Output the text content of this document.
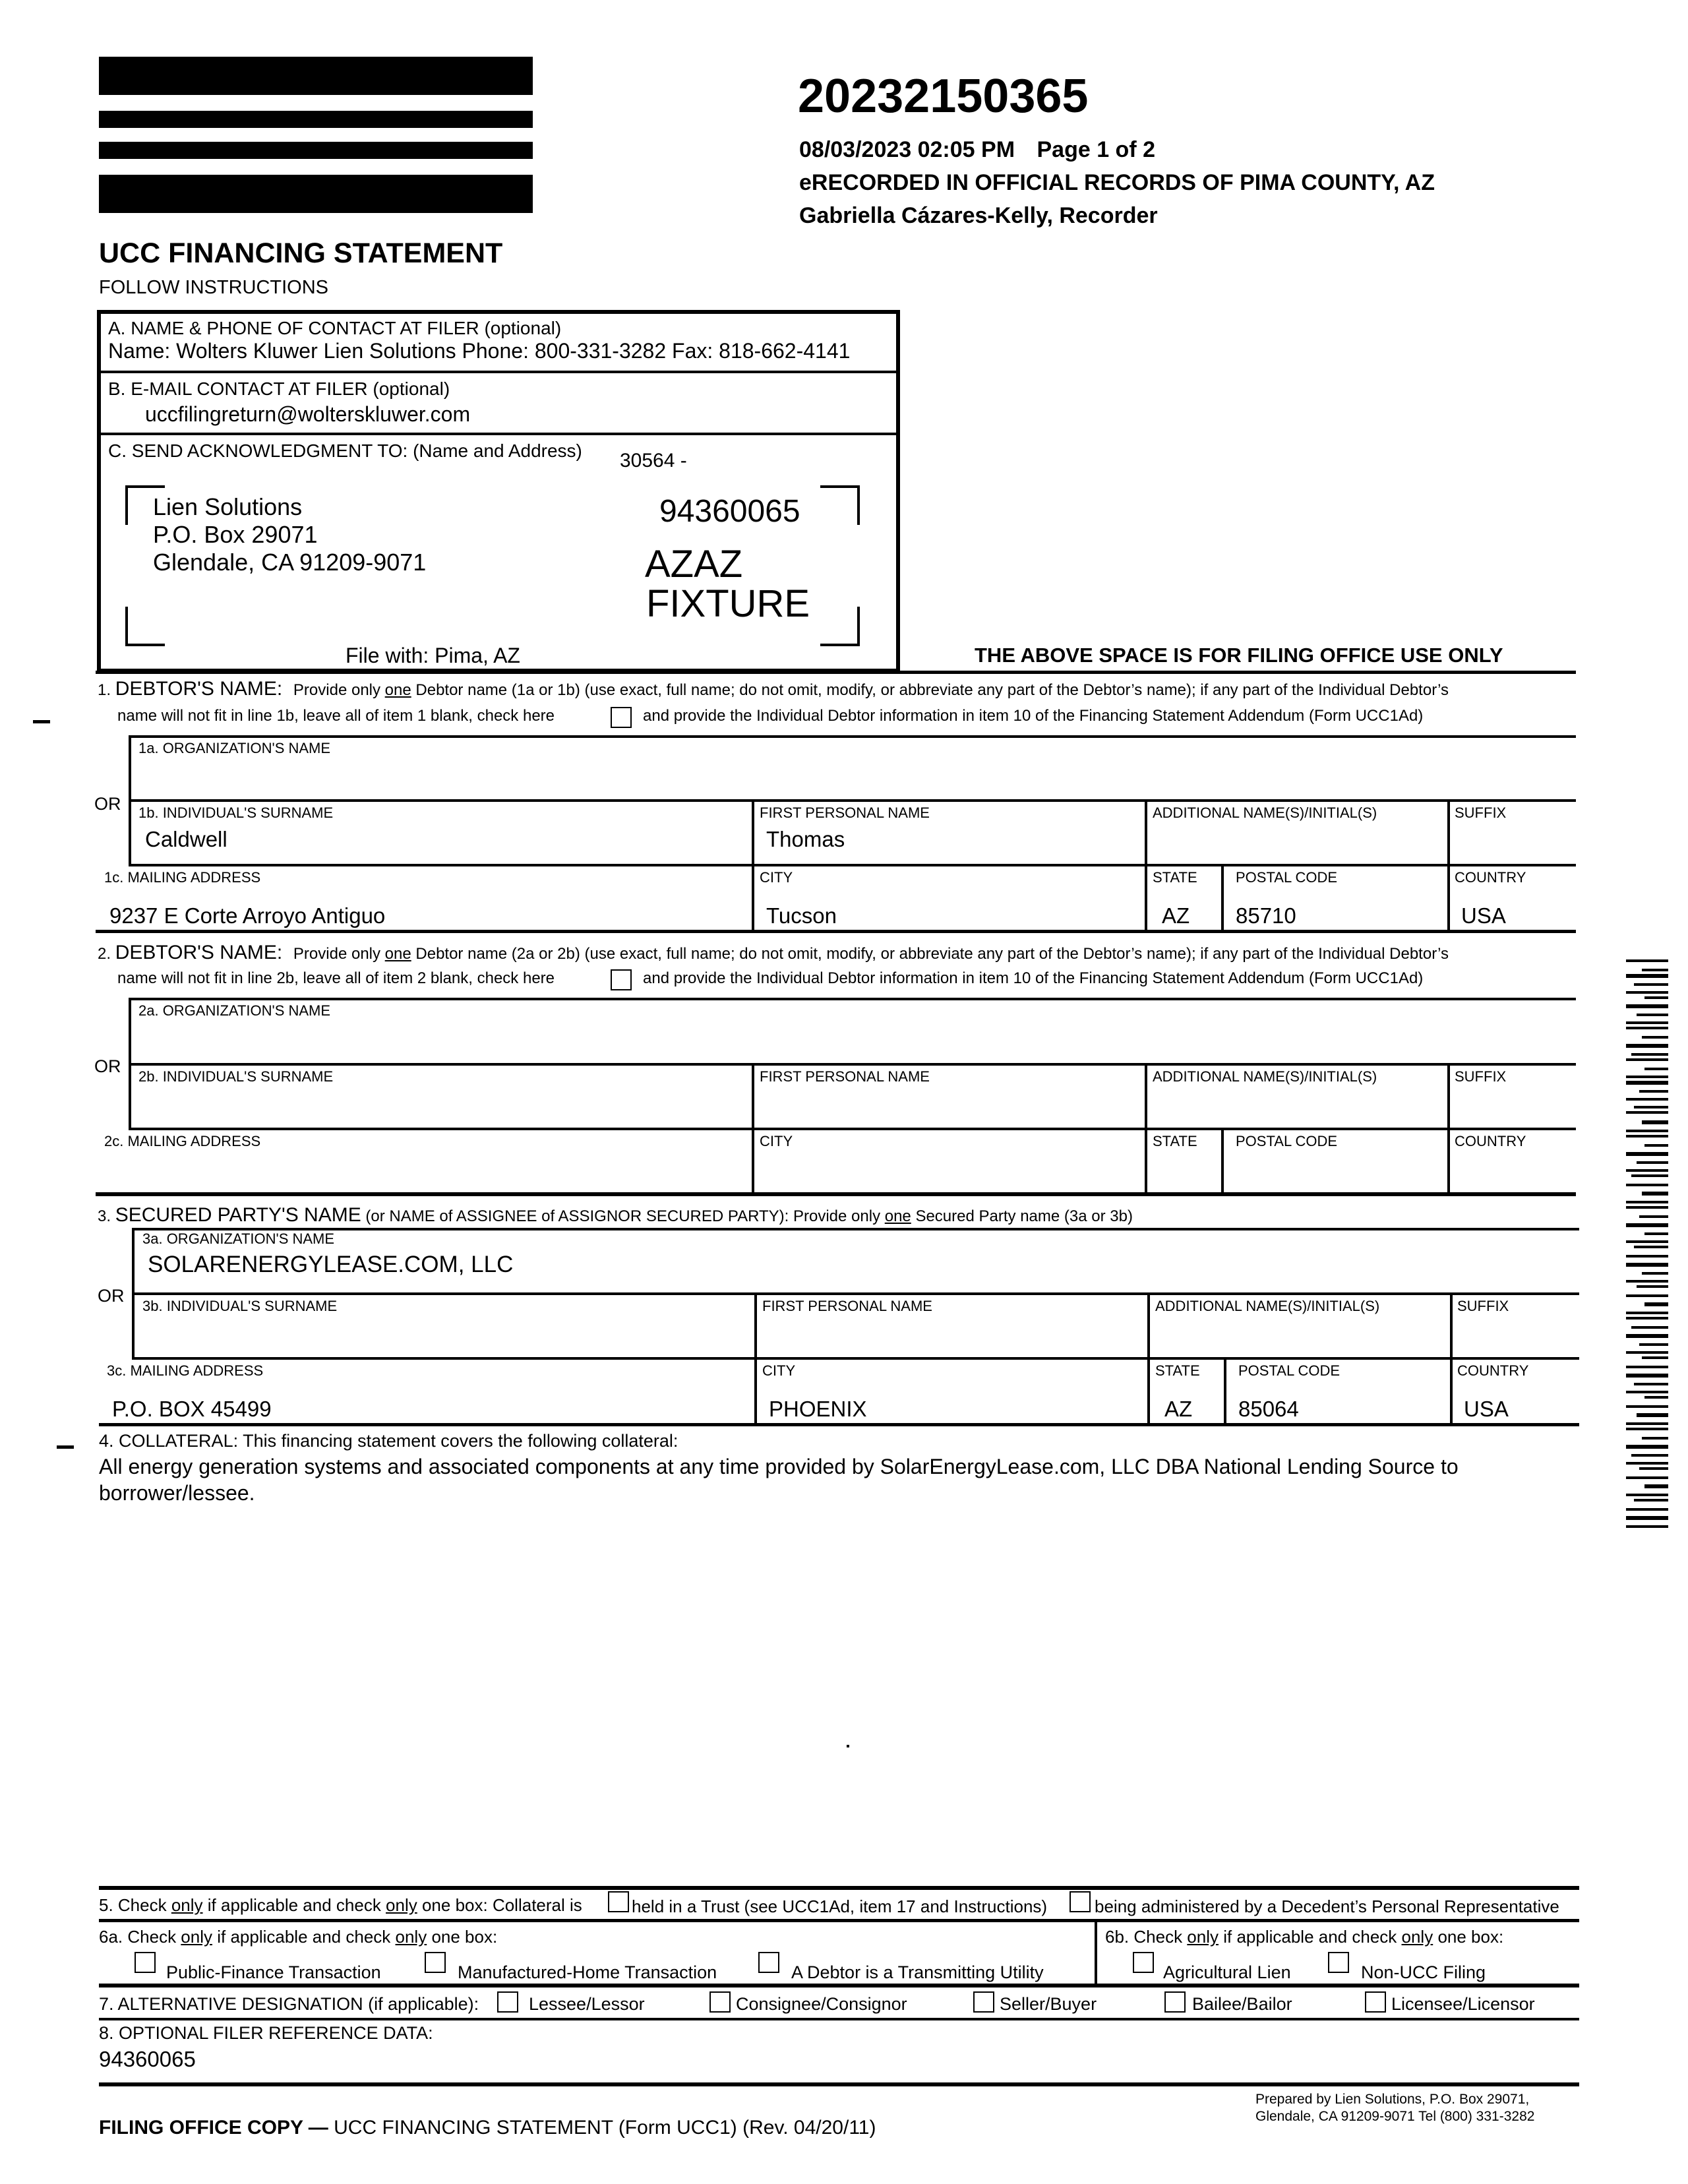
20232150365
08/03/2023 02:05 PM Page 1 of 2
eRECORDED IN OFFICIAL RECORDS OF PIMA COUNTY, AZ
Gabriella Cázares-Kelly, Recorder
UCC FINANCING STATEMENT
FOLLOW INSTRUCTIONS
A. NAME & PHONE OF CONTACT AT FILER (optional)
Name: Wolters Kluwer Lien Solutions Phone: 800-331-3282 Fax: 818-662-4141
B. E-MAIL CONTACT AT FILER (optional)
uccfilingreturn@wolterskluwer.com
C. SEND ACKNOWLEDGMENT TO: (Name and Address) 30564 -
Lien Solutions
P.O. Box 29071
Glendale, CA 91209-9071
94360065
AZAZ
FIXTURE
File with: Pima, AZ	THE ABOVE SPACE IS FOR FILING OFFICE USE ONLY
1. DEBTOR'S NAME: Provide only one Debtor name (1a or 1b) (use exact, full name; do not omit, modify, or abbreviate any part of the Debtor’s name); if any part of the Individual Debtor’s
name will not fit in line 1b, leave all of item 1 blank, check here	and provide the Individual Debtor information in item 10 of the Financing Statement Addendum (Form UCC1Ad)
1a. ORGANIZATION'S NAME
OR 1b. INDIVIDUAL'S SURNAME
Caldwell
FIRST PERSONAL NAME
Thomas
ADDITIONAL NAME(S)/INITIAL(S)	SUFFIX
1c. MAILING ADDRESS
9237 E Corte Arroyo Antiguo
CITY
Tucson
STATE
AZ
POSTAL CODE
85710
COUNTRY
USA
2. DEBTOR'S NAME: Provide only one Debtor name (2a or 2b) (use exact, full name; do not omit, modify, or abbreviate any part of the Debtor’s name); if any part of the Individual Debtor’s
name will not fit in line 2b, leave all of item 2 blank, check here	and provide the Individual Debtor information in item 10 of the Financing Statement Addendum (Form UCC1Ad)
2a. ORGANIZATION'S NAME
OR
2b. INDIVIDUAL'S SURNAME	FIRST PERSONAL NAME	ADDITIONAL NAME(S)/INITIAL(S)	SUFFIX
2c. MAILING ADDRESS	CITY	STATE	POSTAL CODE	COUNTRY
3. SECURED PARTY'S NAME (or NAME of ASSIGNEE of ASSIGNOR SECURED PARTY): Provide only one Secured Party name (3a or 3b)
3a. ORGANIZATION'S NAME
SOLARENERGYLEASE.COM, LLC
OR
3b. INDIVIDUAL'S SURNAME	FIRST PERSONAL NAME	ADDITIONAL NAME(S)/INITIAL(S)	SUFFIX
3c. MAILING ADDRESS
P.O. BOX 45499
CITY
PHOENIX
STATE
AZ
POSTAL CODE
85064
COUNTRY
USA
4. COLLATERAL: This financing statement covers the following collateral:
All energy generation systems and associated components at any time provided by SolarEnergyLease.com, LLC DBA National Lending Source to
borrower/lessee.
5. Check only if applicable and check only one box: Collateral is	held in a Trust (see UCC1Ad, item 17 and Instructions)	being administered by a Decedent’s Personal Representative
6a. Check only if applicable and check only one box:	6b. Check only if applicable and check only one box:
Public-Finance Transaction	Manufactured-Home Transaction	A Debtor is a Transmitting Utility	Agricultural Lien	Non-UCC Filing
7. ALTERNATIVE DESIGNATION (if applicable):	Lessee/Lessor	Consignee/Consignor	Seller/Buyer	Bailee/Bailor	Licensee/Licensor
8. OPTIONAL FILER REFERENCE DATA:
94360065
FILING OFFICE COPY — UCC FINANCING STATEMENT (Form UCC1) (Rev. 04/20/11)
Prepared by Lien Solutions, P.O. Box 29071,
Glendale, CA 91209-9071 Tel (800) 331-3282
